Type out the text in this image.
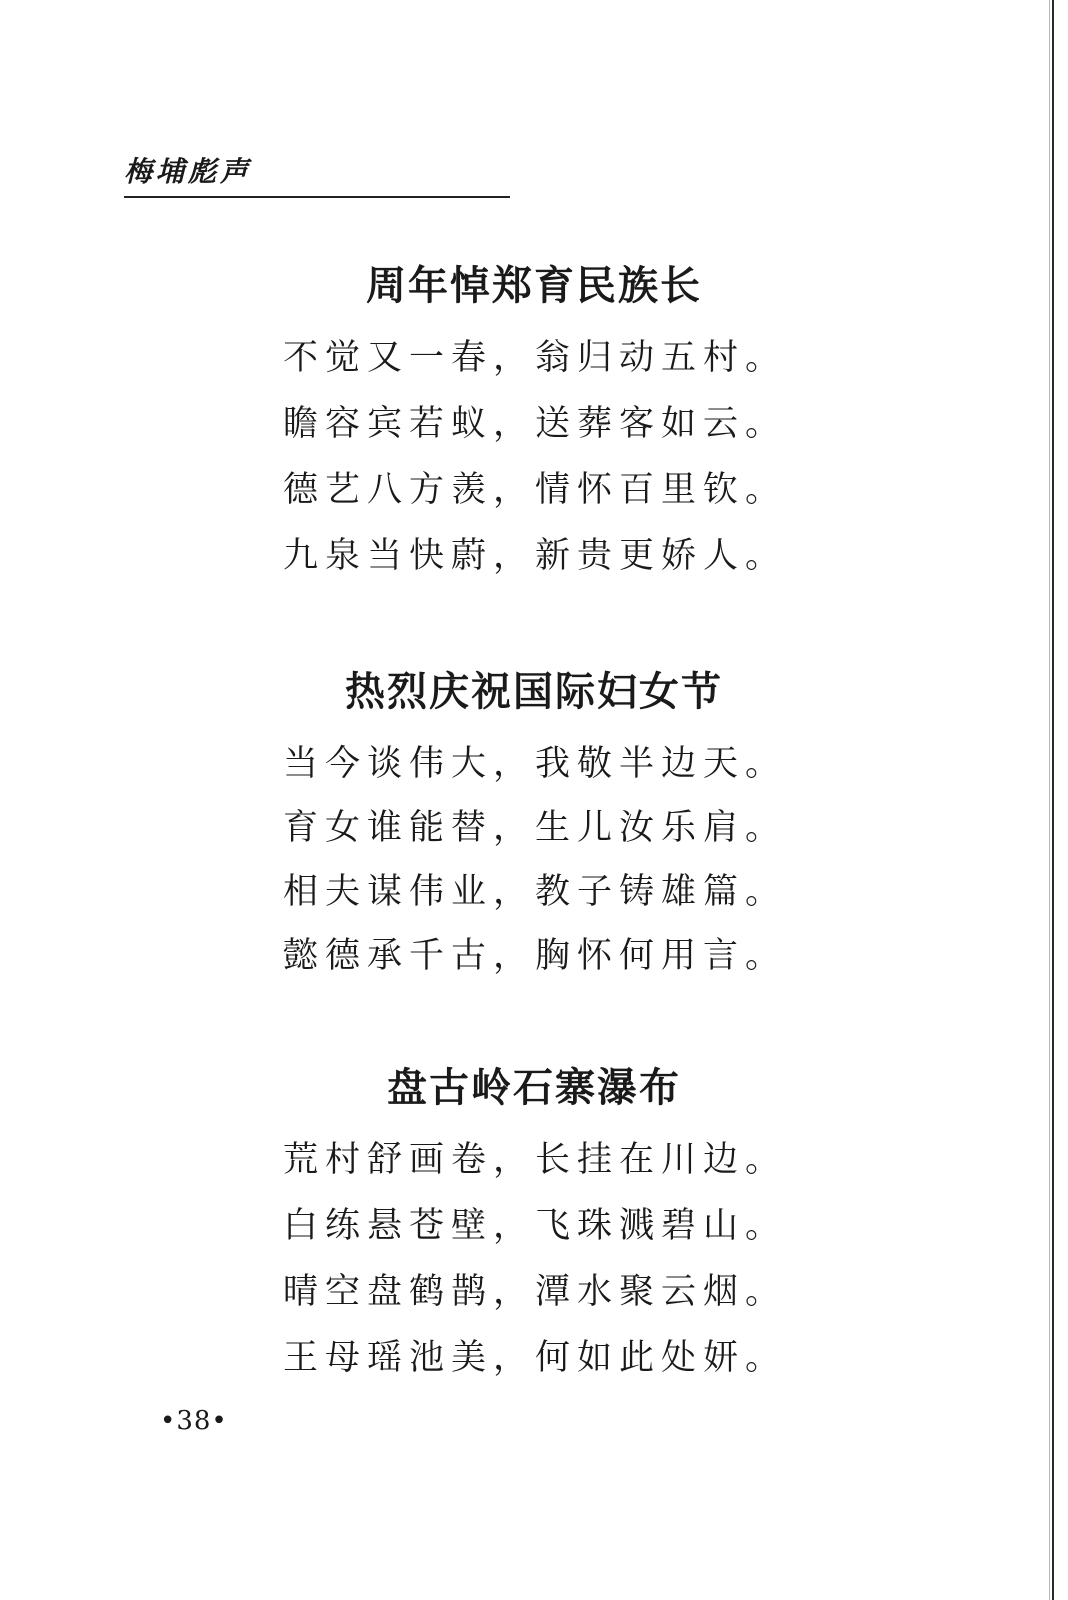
梅埔彪声
周年悼郑育民族长
不觉又一春，翁归动五村。
瞻容宾若蚁，送葬客如云。
德艺八方羡，情怀百里钦。
九泉当快蔚，新贵更娇人。
热烈庆祝国际妇女节
当今谈伟大，我敬半边天。
育女谁能替，生儿汝乐肩。
相夫谋伟业，教子铸雄篇。
懿德承千古，胸怀何用言。
盘古岭石寨瀑布
荒村舒画卷，长挂在川边。
白练悬苍壁，飞珠溅碧山。
晴空盘鹤鹊，潭水聚云烟。
王母瑶池美，何如此处妍。
•38•
